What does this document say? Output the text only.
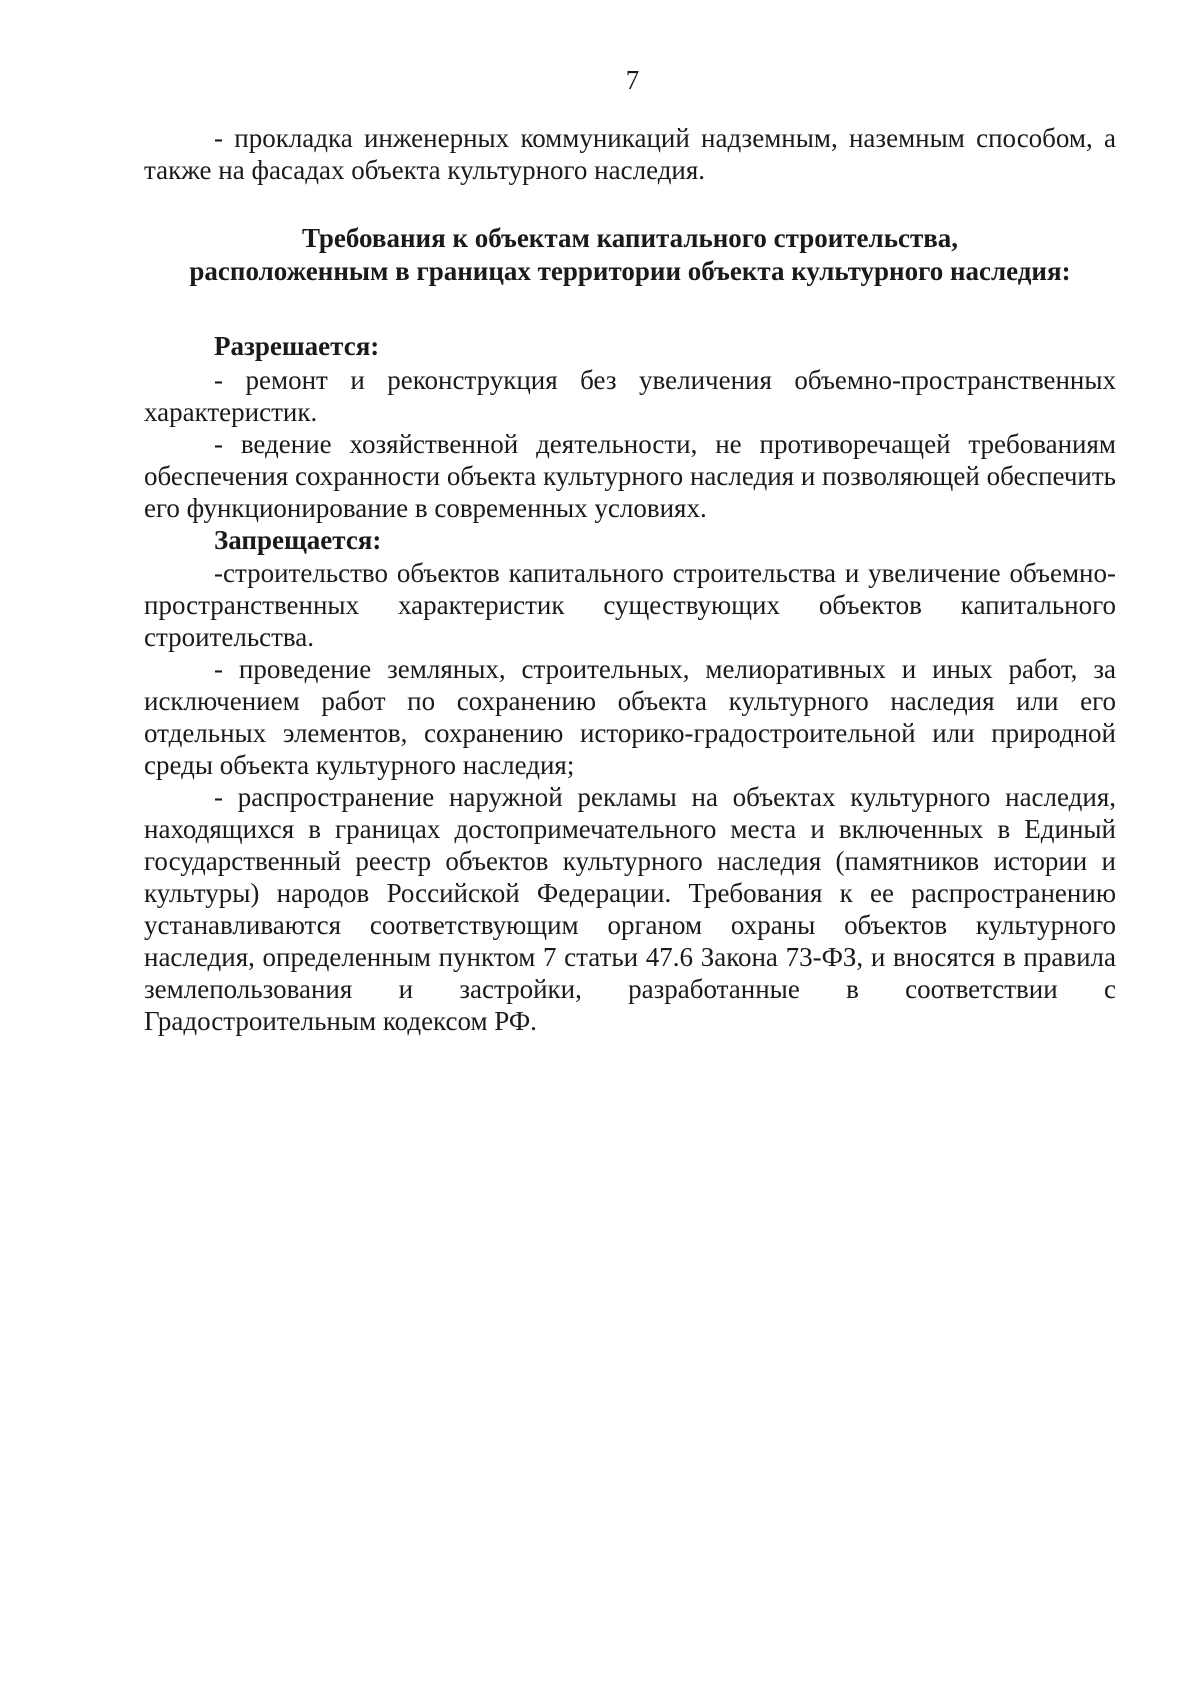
7

- прокладка инженерных коммуникаций надземным, наземным способом, а также на фасадах объекта культурного наследия.

Требования к объектам капитального строительства,
расположенным в границах территории объекта культурного наследия:

Разрешается:

- ремонт и реконструкция без увеличения объемно-пространственных характеристик.

- ведение хозяйственной деятельности, не противоречащей требованиям обеспечения сохранности объекта культурного наследия и позволяющей обеспечить его функционирование в современных условиях.

Запрещается:

-строительство объектов капитального строительства и увеличение объемно-пространственных характеристик существующих объектов капитального строительства.

- проведение земляных, строительных, мелиоративных и иных работ, за исключением работ по сохранению объекта культурного наследия или его отдельных элементов, сохранению историко-градостроительной или природной среды объекта культурного наследия;

- распространение наружной рекламы на объектах культурного наследия, находящихся в границах достопримечательного места и включенных в Единый государственный реестр объектов культурного наследия (памятников истории и культуры) народов Российской Федерации. Требования к ее распространению устанавливаются соответствующим органом охраны объектов культурного наследия, определенным пунктом 7 статьи 47.6 Закона 73-ФЗ, и вносятся в правила землепользования и застройки, разработанные в соответствии с Градостроительным кодексом РФ.
